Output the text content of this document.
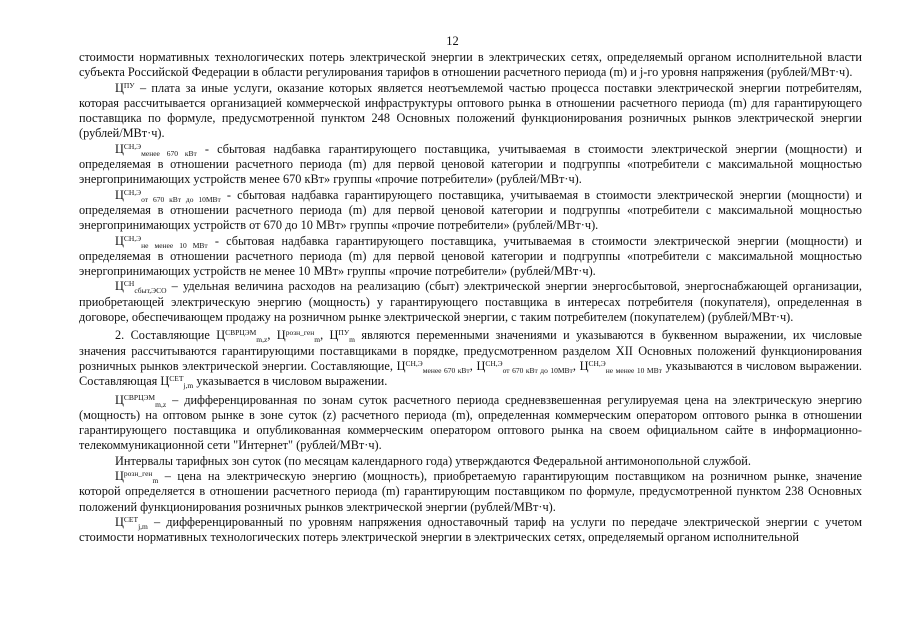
12

стоимости нормативных технологических потерь электрической энергии в электрических сетях, определяемый органом исполнительной власти субъекта Российской Федерации в области регулирования тарифов в отношении расчетного периода (m) и j-го уровня напряжения (рублей/МВт·ч).

$Ц^{ПУ}$ – плата за иные услуги, оказание которых является неотъемлемой частью процесса поставки электрической энергии потребителям, которая рассчитывается организацией коммерческой инфраструктуры оптового рынка в отношении расчетного периода (m) для гарантирующего поставщика по формуле, предусмотренной пунктом 248 Основных положений функционирования розничных рынков электрической энергии (рублей/МВт·ч).

$Ц^{СН,Э}_{менее 670 кВт}$ - сбытовая надбавка гарантирующего поставщика, учитываемая в стоимости электрической энергии (мощности) и определяемая в отношении расчетного периода (m) для первой ценовой категории и подгруппы «потребители с максимальной мощностью энергопринимающих устройств менее 670 кВт» группы «прочие потребители» (рублей/МВт·ч).

$Ц^{СН,Э}_{от 670 кВт до 10МВт}$ - сбытовая надбавка гарантирующего поставщика, учитываемая в стоимости электрической энергии (мощности) и определяемая в отношении расчетного периода (m) для первой ценовой категории и подгруппы «потребители с максимальной мощностью энергопринимающих устройств от 670 до 10 МВт» группы «прочие потребители» (рублей/МВт·ч).

$Ц^{СН,Э}_{не менее 10 МВт}$ - сбытовая надбавка гарантирующего поставщика, учитываемая в стоимости электрической энергии (мощности) и определяемая в отношении расчетного периода (m) для первой ценовой категории и подгруппы «потребители с максимальной мощностью энергопринимающих устройств не менее 10 МВт» группы «прочие потребители» (рублей/МВт·ч).

$Ц^{СН}_{сбыт,ЭСО}$ – удельная величина расходов на реализацию (сбыт) электрической энергии энергосбытовой, энергоснабжающей организации, приобретающей электрическую энергию (мощность) у гарантирующего поставщика в интересах потребителя (покупателя), определенная в договоре, обеспечивающем продажу на розничном рынке электрической энергии, с таким потребителем (покупателем) (рублей/МВт·ч).

2. Составляющие $Ц^{СВРЦЭМ}_{m,z}$, $Ц^{розн\_ген}_m$, $Ц^{ПУ}_m$ являются переменными значениями и указываются в буквенном выражении, их числовые значения рассчитываются гарантирующими поставщиками в порядке, предусмотренном разделом XII Основных положений функционирования розничных рынков электрической энергии. Составляющие, $Ц^{СН,Э}_{менее 670 кВт}$, $Ц^{СН,Э}_{от 670 кВт до 10МВт}$, $Ц^{СН,Э}_{не менее 10 МВт}$ указываются в числовом выражении. Составляющая $Ц^{СЕТ}_{j,m}$ указывается в числовом выражении.

$Ц^{СВРЦЭМ}_{m,z}$ – дифференцированная по зонам суток расчетного периода средневзвешенная регулируемая цена на электрическую энергию (мощность) на оптовом рынке в зоне суток (z) расчетного периода (m), определенная коммерческим оператором оптового рынка в отношении гарантирующего поставщика и опубликованная коммерческим оператором оптового рынка на своем официальном сайте в информационно-телекоммуникационной сети "Интернет" (рублей/МВт·ч).

Интервалы тарифных зон суток (по месяцам календарного года) утверждаются Федеральной антимонопольной службой.

$Ц^{розн\_ген}_m$ – цена на электрическую энергию (мощность), приобретаемую гарантирующим поставщиком на розничном рынке, значение которой определяется в отношении расчетного периода (m) гарантирующим поставщиком по формуле, предусмотренной пунктом 238 Основных положений функционирования розничных рынков электрической энергии (рублей/МВт·ч).

$Ц^{СЕТ}_{j,m}$ – дифференцированный по уровням напряжения одноставочный тариф на услуги по передаче электрической энергии с учетом стоимости нормативных технологических потерь электрической энергии в электрических сетях, определяемый органом исполнительной
